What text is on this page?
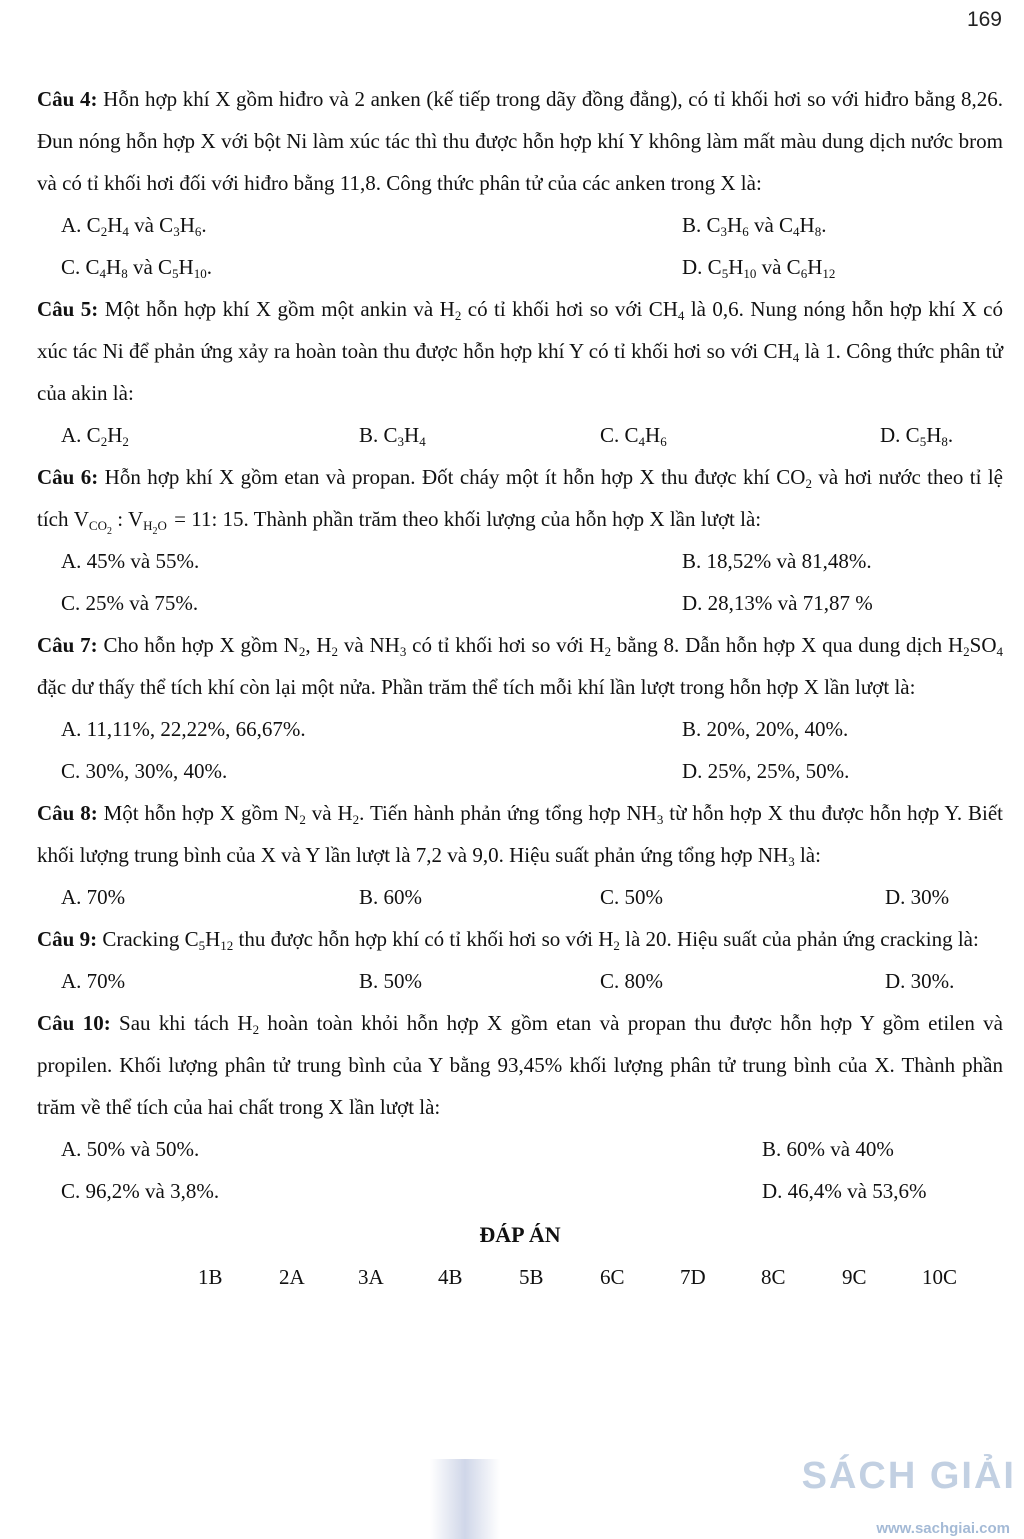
169
Câu 4: Hỗn hợp khí X gồm hiđro và 2 anken (kế tiếp trong dãy đồng đẳng), có tỉ khối hơi so với hiđro bằng 8,26. Đun nóng hỗn hợp X với bột Ni làm xúc tác thì thu được hỗn hợp khí Y không làm mất màu dung dịch nước brom và có tỉ khối hơi đối với hiđro bằng 11,8. Công thức phân tử của các anken trong X là:
A. $C_2H_4$ và $C_3H_6$.	B. $C_3H_6$ và $C_4H_8$.
C. $C_4H_8$ và $C_5H_{10}$.	D. $C_5H_{10}$ và $C_6H_{12}$
Câu 5: Một hỗn hợp khí X gồm một ankin và $H_2$ có tỉ khối hơi so với $CH_4$ là 0,6. Nung nóng hỗn hợp khí X có xúc tác Ni để phản ứng xảy ra hoàn toàn thu được hỗn hợp khí Y có tỉ khối hơi so với $CH_4$ là 1. Công thức phân tử của akin là:
A. $C_2H_2$	B. $C_3H_4$	C. $C_4H_6$	D. $C_5H_8$.
Câu 6: Hỗn hợp khí X gồm etan và propan. Đốt cháy một ít hỗn hợp X thu được khí $CO_2$ và hơi nước theo tỉ lệ tích $V_{CO_2}$ : $V_{H_2O} = 11$: 15. Thành phần trăm theo khối lượng của hỗn hợp X lần lượt là:
A. 45% và 55%.	B. 18,52% và 81,48%.
C. 25% và 75%.	D. 28,13% và 71,87 %
Câu 7: Cho hỗn hợp X gồm $N_2$, $H_2$ và $NH_3$ có tỉ khối hơi so với $H_2$ bằng 8. Dẫn hỗn hợp X qua dung dịch $H_2SO_4$ đặc dư thấy thể tích khí còn lại một nửa. Phần trăm thể tích mỗi khí lần lượt trong hỗn hợp X lần lượt là:
A. 11,11%, 22,22%, 66,67%.	B. 20%, 20%, 40%.
C. 30%, 30%, 40%.	D. 25%, 25%, 50%.
Câu 8: Một hỗn hợp X gồm $N_2$ và $H_2$. Tiến hành phản ứng tổng hợp $NH_3$ từ hỗn hợp X thu được hỗn hợp Y. Biết khối lượng trung bình của X và Y lần lượt là 7,2 và 9,0. Hiệu suất phản ứng tổng hợp $NH_3$ là:
A. 70%	B. 60%	C. 50%	D. 30%
Câu 9: Cracking $C_5H_{12}$ thu được hỗn hợp khí có tỉ khối hơi so với $H_2$ là 20. Hiệu suất của phản ứng cracking là:
A. 70%	B. 50%	C. 80%	D. 30%.
Câu 10: Sau khi tách $H_2$ hoàn toàn khỏi hỗn hợp X gồm etan và propan thu được hỗn hợp Y gồm etilen và propilen. Khối lượng phân tử trung bình của Y bằng 93,45% khối lượng phân tử trung bình của X. Thành phần trăm về thể tích của hai chất trong X lần lượt là:
A. 50% và 50%.	B. 60% và 40%
C. 96,2% và 3,8%.	D. 46,4% và 53,6%
ĐÁP ÁN
1B	2A	3A	4B	5B	6C	7D	8C	9C	10C
SÁCH GIẢI
www.sachgiai.com
